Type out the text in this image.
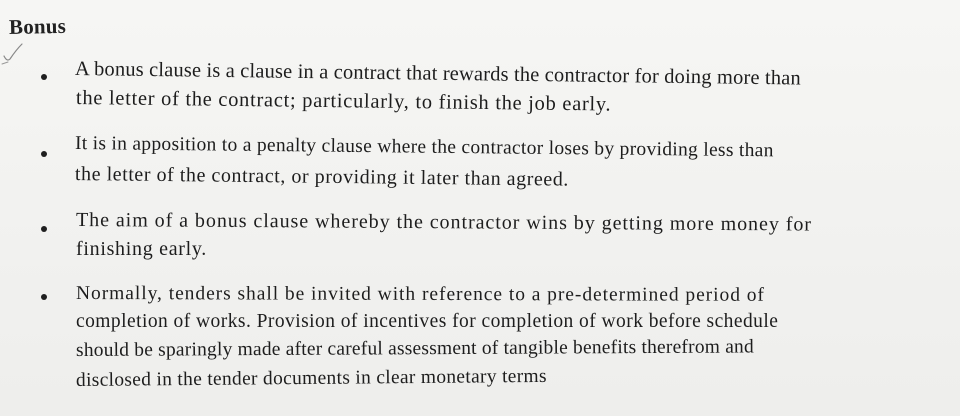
Bonus
A bonus clause is a clause in a contract that rewards the contractor for doing more than
the letter of the contract; particularly, to finish the job early.
It is in apposition to a penalty clause where the contractor loses by providing less than
the letter of the contract, or providing it later than agreed.
The aim of a bonus clause whereby the contractor wins by getting more money for
finishing early.
Normally, tenders shall be invited with reference to a pre-determined period of
completion of works. Provision of incentives for completion of work before schedule
should be sparingly made after careful assessment of tangible benefits therefrom and
disclosed in the tender documents in clear monetary terms
